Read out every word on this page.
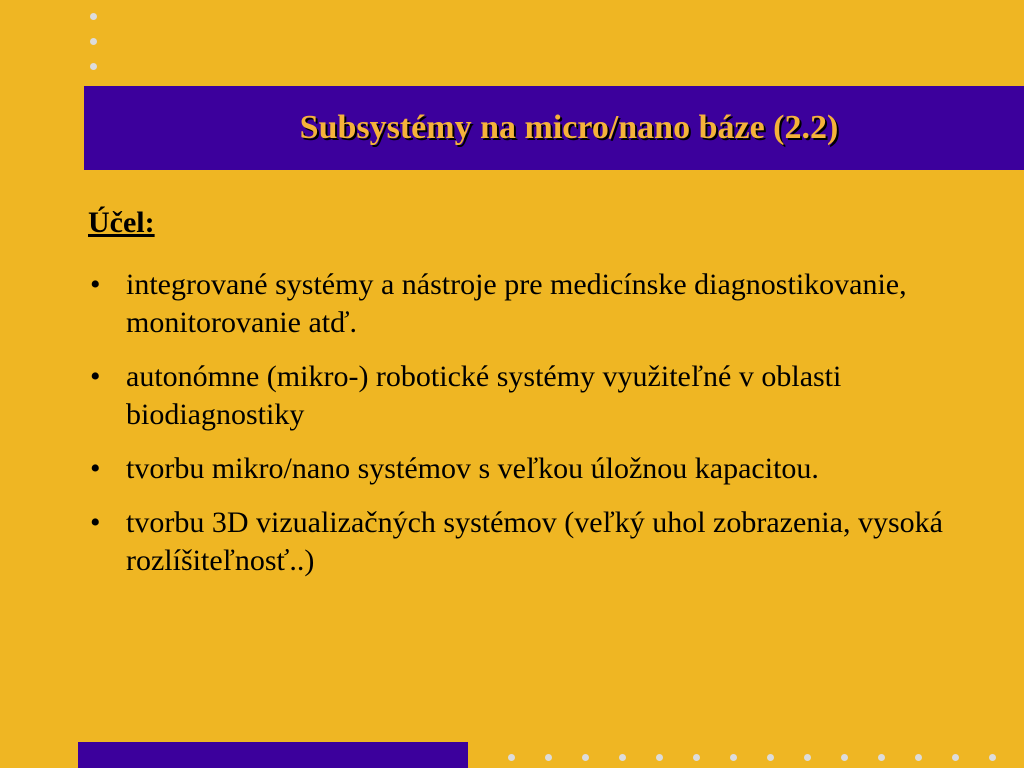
Subsystémy na micro/nano báze (2.2)
Účel:
• integrované systémy a nástroje pre medicínske diagnostikovanie, monitorovanie atď.
• autonómne (mikro-) robotické systémy využiteľné v oblasti biodiagnostiky
• tvorbu mikro/nano systémov s veľkou úložnou kapacitou.
• tvorbu 3D vizualizačných systémov (veľký uhol zobrazenia, vysoká rozlíšiteľnosť..)
